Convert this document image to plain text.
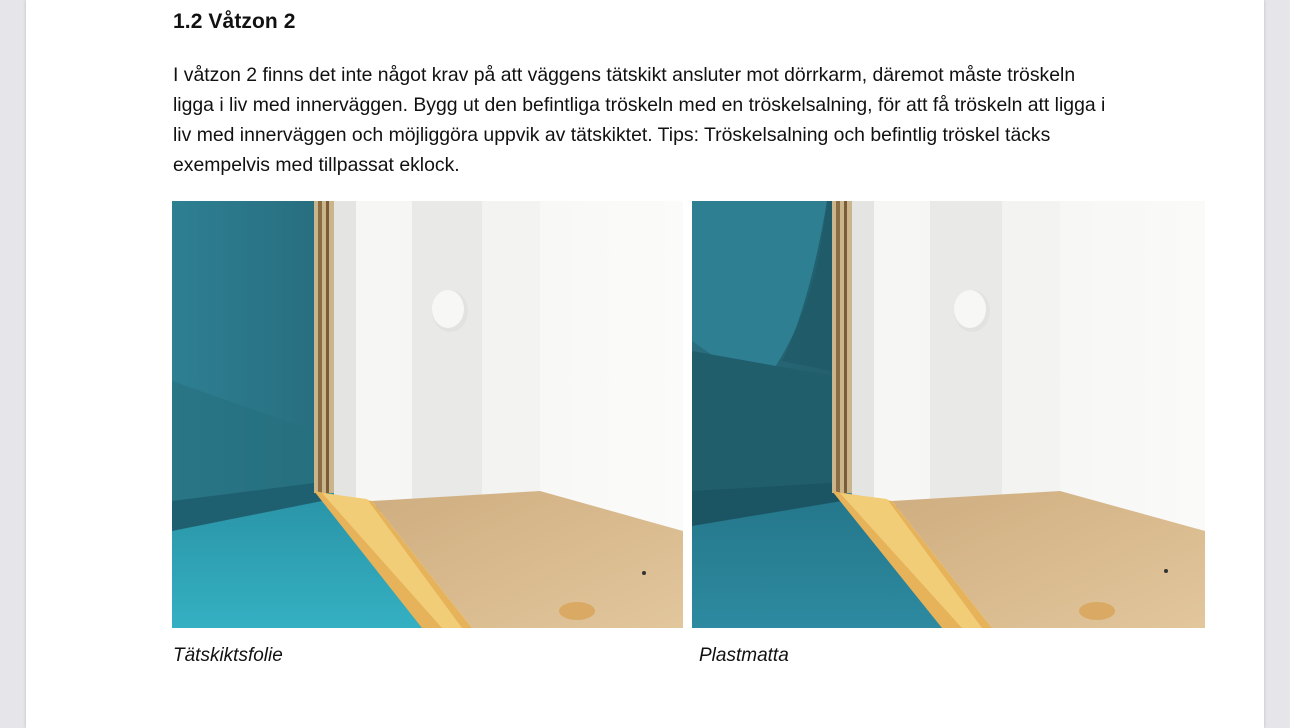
1.2 Våtzon 2
I våtzon 2 finns det inte något krav på att väggens tätskikt ansluter mot dörrkarm, däremot måste tröskeln ligga i liv med innerväggen. Bygg ut den befintliga tröskeln med en tröskelsalning, för att få tröskeln att ligga i liv med innerväggen och möjliggöra uppvik av tätskiktet. Tips: Tröskelsalning och befintlig tröskel täcks exempelvis med tillpassat eklock.
Tätskiktsfolie	Plastmatta
